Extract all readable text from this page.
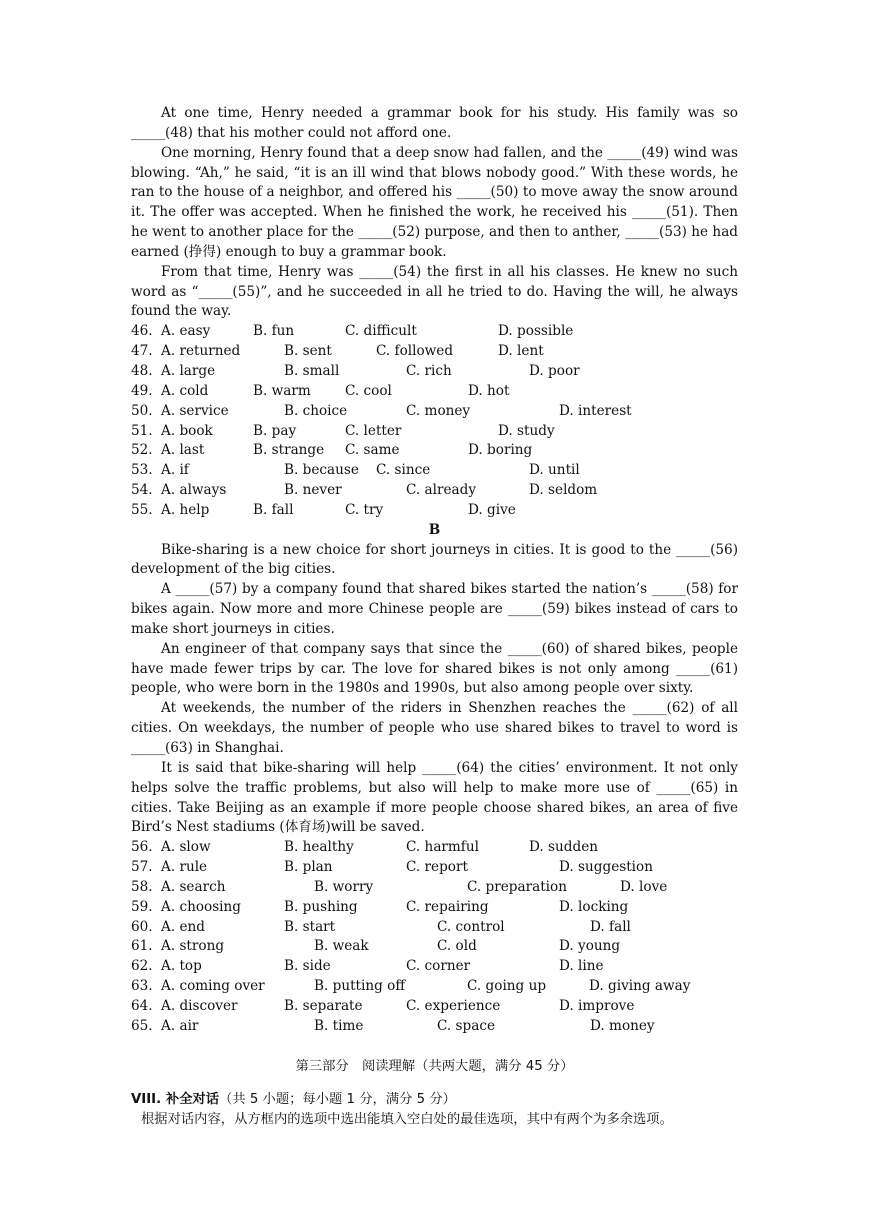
At one time, Henry needed a grammar book for his study. His family was so _____(48) that his mother could not afford one.

One morning, Henry found that a deep snow had fallen, and the _____(49) wind was blowing. “Ah,” he said, “it is an ill wind that blows nobody good.” With these words, he ran to the house of a neighbor, and offered his _____(50) to move away the snow around it. The offer was accepted. When he finished the work, he received his _____(51). Then he went to another place for the _____(52) purpose, and then to anther, _____(53) he had earned (挣得) enough to buy a grammar book.

From that time, Henry was _____(54) the first in all his classes. He knew no such word as “_____(55)”, and he succeeded in all he tried to do. Having the will, he always found the way.

46. A. easy	B. fun	C. difficult	D. possible

47. A. returned	B. sent	C. followed	D. lent

48. A. large	B. small	C. rich	D. poor

49. A. cold	B. warm	C. cool	D. hot

50. A. service	B. choice	C. money	D. interest

51. A. book	B. pay	C. letter	D. study

52. A. last	B. strange	C. same	D. boring

53. A. if	B. because	C. since	D. until

54. A. always	B. never	C. already	D. seldom

55. A. help	B. fall	C. try	D. give

B

Bike-sharing is a new choice for short journeys in cities. It is good to the _____(56) development of the big cities.

A _____(57) by a company found that shared bikes started the nation’s _____(58) for bikes again. Now more and more Chinese people are _____(59) bikes instead of cars to make short journeys in cities.

An engineer of that company says that since the _____(60) of shared bikes, people have made fewer trips by car. The love for shared bikes is not only among _____(61) people, who were born in the 1980s and 1990s, but also among people over sixty.

At weekends, the number of the riders in Shenzhen reaches the _____(62) of all cities. On weekdays, the number of people who use shared bikes to travel to word is _____(63) in Shanghai.

It is said that bike-sharing will help _____(64) the cities’ environment. It not only helps solve the traffic problems, but also will help to make more use of _____(65) in cities. Take Beijing as an example if more people choose shared bikes, an area of five Bird’s Nest stadiums (体育场)will be saved.

56. A. slow	B. healthy	C. harmful	D. sudden

57. A. rule	B. plan	C. report	D. suggestion

58. A. search	B. worry	C. preparation	D. love

59. A. choosing	B. pushing	C. repairing	D. locking

60. A. end	B. start	C. control	D. fall

61. A. strong	B. weak	C. old	D. young

62. A. top	B. side	C. corner	D. line

63. A. coming over	B. putting off	C. going up	D. giving away

64. A. discover	B. separate	C. experience	D. improve

65. A. air	B. time	C. space	D. money

第三部分　阅读理解（共两大题，满分 45 分）

VIII. 补全对话（共 5 小题；每小题 1 分，满分 5 分）

根据对话内容，从方框内的选项中选出能填入空白处的最佳选项，其中有两个为多余选项。
